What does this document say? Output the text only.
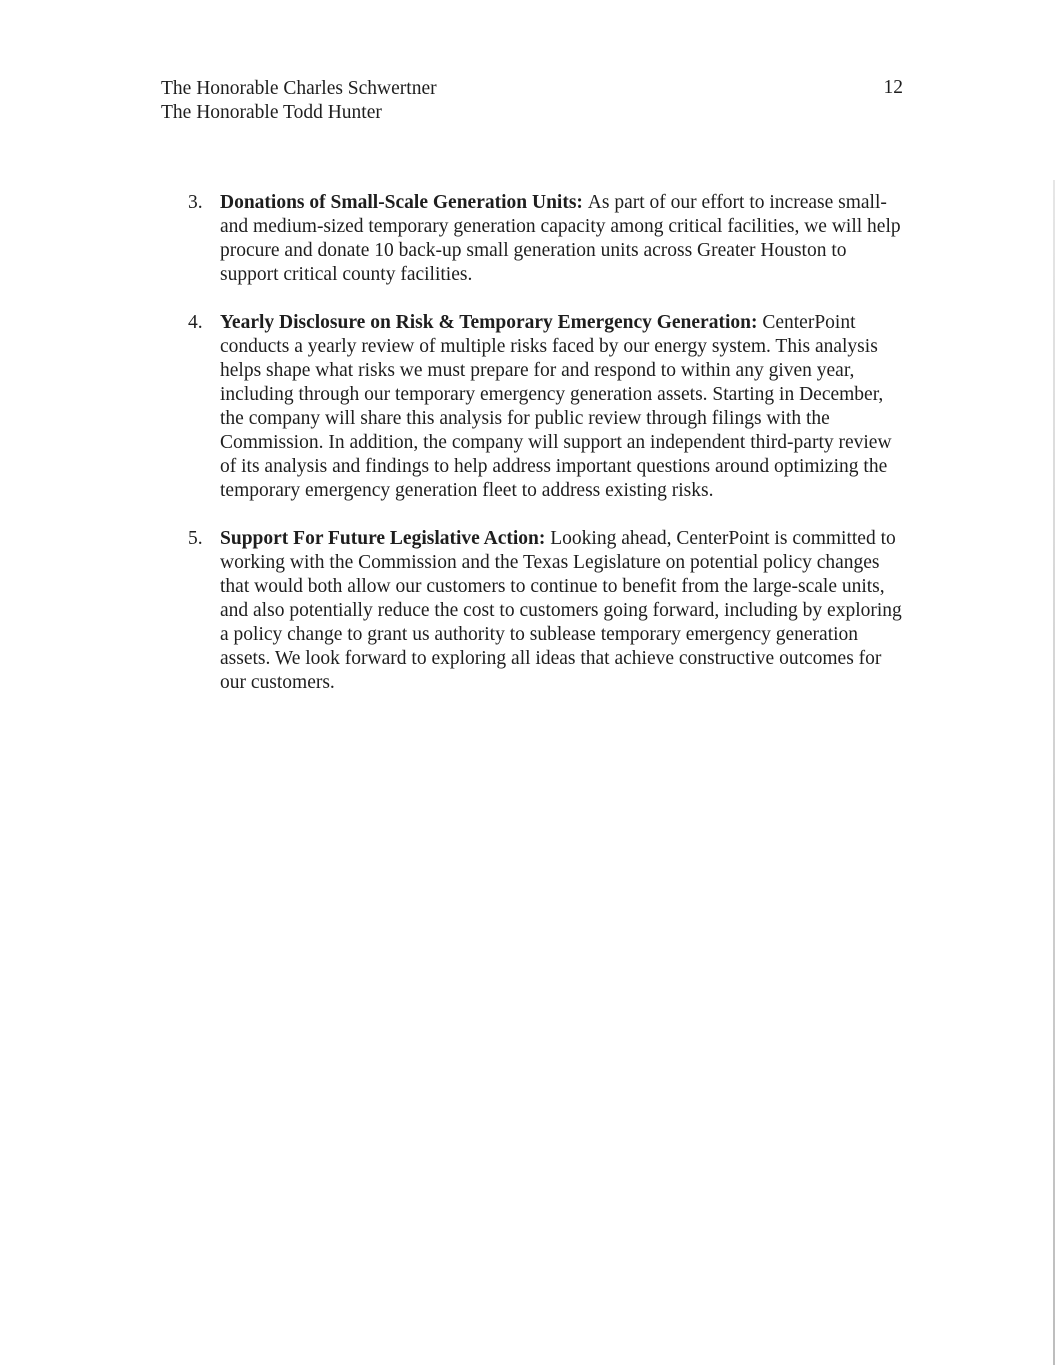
The Honorable Charles Schwertner
The Honorable Todd Hunter
12
3. Donations of Small-Scale Generation Units: As part of our effort to increase small- and medium-sized temporary generation capacity among critical facilities, we will help procure and donate 10 back-up small generation units across Greater Houston to support critical county facilities.
4. Yearly Disclosure on Risk & Temporary Emergency Generation: CenterPoint conducts a yearly review of multiple risks faced by our energy system. This analysis helps shape what risks we must prepare for and respond to within any given year, including through our temporary emergency generation assets. Starting in December, the company will share this analysis for public review through filings with the Commission. In addition, the company will support an independent third-party review of its analysis and findings to help address important questions around optimizing the temporary emergency generation fleet to address existing risks.
5. Support For Future Legislative Action: Looking ahead, CenterPoint is committed to working with the Commission and the Texas Legislature on potential policy changes that would both allow our customers to continue to benefit from the large-scale units, and also potentially reduce the cost to customers going forward, including by exploring a policy change to grant us authority to sublease temporary emergency generation assets. We look forward to exploring all ideas that achieve constructive outcomes for our customers.
